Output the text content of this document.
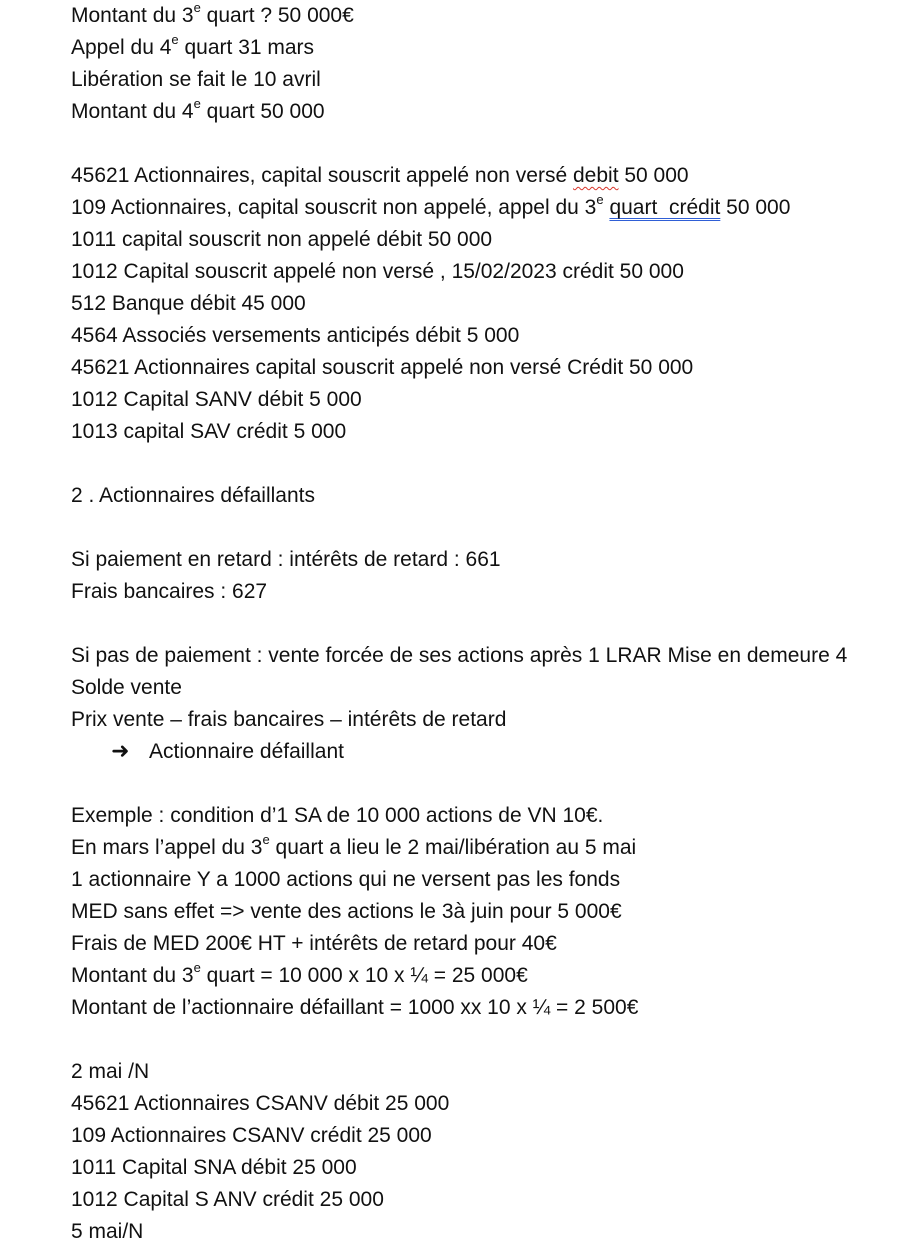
Montant du 3e quart ? 50 000€
Appel du 4e quart 31 mars
Libération se fait le 10 avril
Montant du 4e quart 50 000
45621 Actionnaires, capital souscrit appelé non versé debit 50 000
109 Actionnaires, capital souscrit non appelé, appel du 3e quart  crédit 50 000
1011 capital souscrit non appelé débit 50 000
1012 Capital souscrit appelé non versé , 15/02/2023 crédit 50 000
512 Banque débit 45 000
4564 Associés versements anticipés débit 5 000
45621 Actionnaires capital souscrit appelé non versé Crédit 50 000
1012 Capital SANV débit 5 000
1013 capital SAV crédit 5 000
2 . Actionnaires défaillants
Si paiement en retard : intérêts de retard : 661
Frais bancaires : 627
Si pas de paiement : vente forcée de ses actions après 1 LRAR Mise en demeure 4
Solde vente
Prix vente – frais bancaires – intérêts de retard
➜ Actionnaire défaillant
Exemple : condition d’1 SA de 10 000 actions de VN 10€.
En mars l’appel du 3e quart a lieu le 2 mai/libération au 5 mai
1 actionnaire Y a 1000 actions qui ne versent pas les fonds
MED sans effet => vente des actions le 3à juin pour 5 000€
Frais de MED 200€ HT + intérêts de retard pour 40€
Montant du 3e quart = 10 000 x 10 x ¼ = 25 000€
Montant de l’actionnaire défaillant = 1000 xx 10 x ¼ = 2 500€
2 mai /N
45621 Actionnaires CSANV débit 25 000
109 Actionnaires CSANV crédit 25 000
1011 Capital SNA débit 25 000
1012 Capital S ANV crédit 25 000
5 mai/N
